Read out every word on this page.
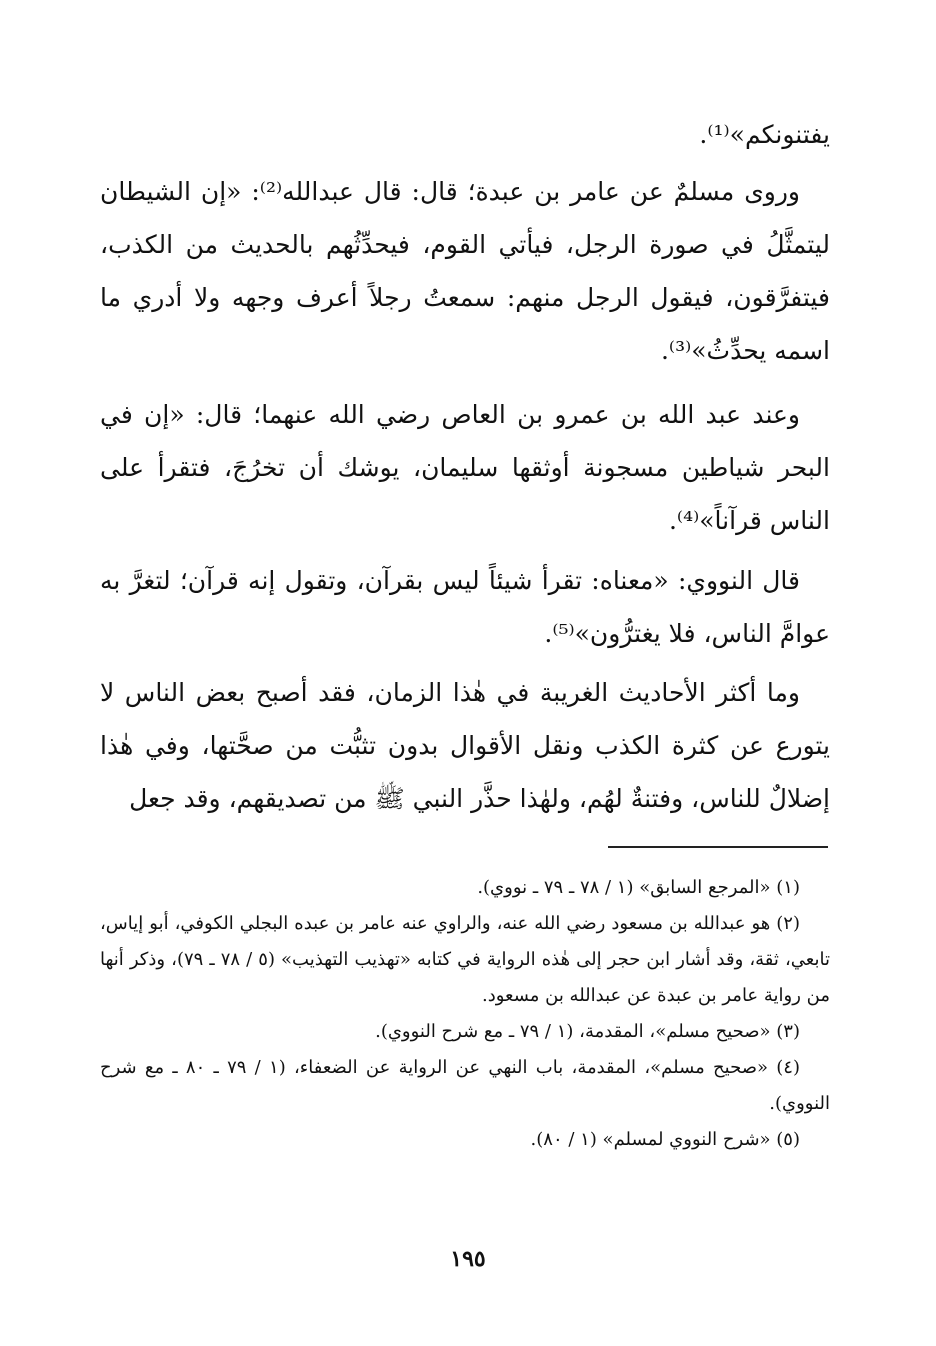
يفتنونكم»⁽¹⁾.

وروى مسلمٌ عن عامر بن عبدة؛ قال: قال عبدالله⁽²⁾: «إن الشيطان ليتمثَّلُ في صورة الرجل، فيأتي القوم، فيحدِّثُهم بالحديث من الكذب، فيتفرَّقون، فيقول الرجل منهم: سمعتُ رجلاً أعرف وجهه ولا أدري ما اسمه يحدِّثُ»⁽³⁾.

وعند عبد الله بن عمرو بن العاص رضي الله عنهما؛ قال: «إن في البحر شياطين مسجونة أوثقها سليمان، يوشك أن تخرُجَ، فتقرأ على الناس قرآناً»⁽⁴⁾.

قال النووي: «معناه: تقرأ شيئاً ليس بقرآن، وتقول إنه قرآن؛ لتغرَّ به عوامَّ الناس، فلا يغترُّون»⁽⁵⁾.

وما أكثر الأحاديث الغريبة في هٰذا الزمان، فقد أصبح بعض الناس لا يتورع عن كثرة الكذب ونقل الأقوال بدون تثبُّت من صحَّتها، وفي هٰذا إضلالٌ للناس، وفتنةٌ لهُم، ولهٰذا حذَّر النبي ﷺ من تصديقهم، وقد جعل

(١) «المرجع السابق» (١ / ٧٨ ـ ٧٩ ـ نووي).

(٢) هو عبدالله بن مسعود رضي الله عنه، والراوي عنه عامر بن عبده البجلي الكوفي، أبو إياس، تابعي، ثقة، وقد أشار ابن حجر إلى هٰذه الرواية في كتابه «تهذيب التهذيب» (٥ / ٧٨ ـ ٧٩)، وذكر أنها من رواية عامر بن عبدة عن عبدالله بن مسعود.

(٣) «صحيح مسلم»، المقدمة، (١ / ٧٩ ـ مع شرح النووي).

(٤) «صحيح مسلم»، المقدمة، باب النهي عن الرواية عن الضعفاء، (١ / ٧٩ ـ ٨٠ ـ مع شرح النووي).

(٥) «شرح النووي لمسلم» (١ / ٨٠).

١٩٥
